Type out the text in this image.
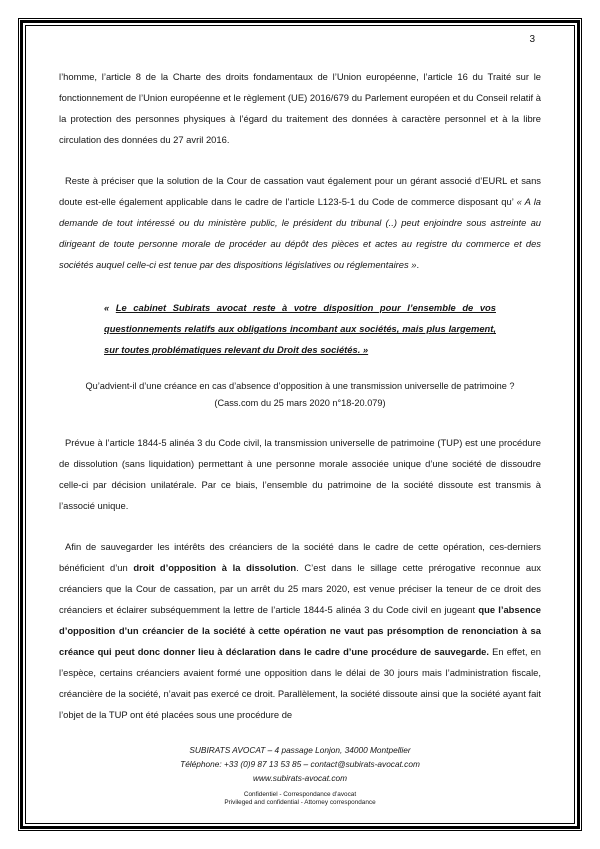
3

l’homme, l’article 8 de la Charte des droits fondamentaux de l’Union européenne, l’article 16 du Traité sur le fonctionnement de l’Union européenne et le règlement (UE) 2016/679 du Parlement européen et du Conseil relatif à la protection des personnes physiques à l’égard du traitement des données à caractère personnel et à la libre circulation des données du 27 avril 2016.

Reste à préciser que la solution de la Cour de cassation vaut également pour un gérant associé d’EURL et sans doute est-elle également applicable dans le cadre de l’article L123-5-1 du Code de commerce disposant qu’ « A la demande de tout intéressé ou du ministère public, le président du tribunal (..) peut enjoindre sous astreinte au dirigeant de toute personne morale de procéder au dépôt des pièces et actes au registre du commerce et des sociétés auquel celle-ci est tenue par des dispositions législatives ou réglementaires ».

« Le cabinet Subirats avocat reste à votre disposition pour l’ensemble de vos questionnements relatifs aux obligations incombant aux sociétés, mais plus largement, sur toutes problématiques relevant du Droit des sociétés. »

Qu’advient-il d’une créance en cas d’absence d’opposition à une transmission universelle de patrimoine ?
(Cass.com du 25 mars 2020 n°18-20.079)

Prévue à l’article 1844-5 alinéa 3 du Code civil, la transmission universelle de patrimoine (TUP) est une procédure de dissolution (sans liquidation) permettant à une personne morale associée unique d’une société de dissoudre celle-ci par décision unilatérale. Par ce biais, l’ensemble du patrimoine de la société dissoute est transmis à l’associé unique.

Afin de sauvegarder les intérêts des créanciers de la société dans le cadre de cette opération, ces-derniers bénéficient d’un droit d’opposition à la dissolution. C’est dans le sillage cette prérogative reconnue aux créanciers que la Cour de cassation, par un arrêt du 25 mars 2020, est venue préciser la teneur de ce droit des créanciers et éclairer subséquemment la lettre de l’article 1844-5 alinéa 3 du Code civil en jugeant que l’absence d’opposition d’un créancier de la société à cette opération ne vaut pas présomption de renonciation à sa créance qui peut donc donner lieu à déclaration dans le cadre d’une procédure de sauvegarde. En effet, en l’espèce, certains créanciers avaient formé une opposition dans le délai de 30 jours mais l’administration fiscale, créancière de la société, n’avait pas exercé ce droit. Parallèlement, la société dissoute ainsi que la société ayant fait l’objet de la TUP ont été placées sous une procédure de

SUBIRATS AVOCAT – 4 passage Lonjon, 34000 Montpellier
Téléphone: +33 (0)9 87 13 53 85 – contact@subirats-avocat.com
www.subirats-avocat.com
Confidentiel - Correspondance d’avocat
Privileged and confidential - Attorney correspondance
